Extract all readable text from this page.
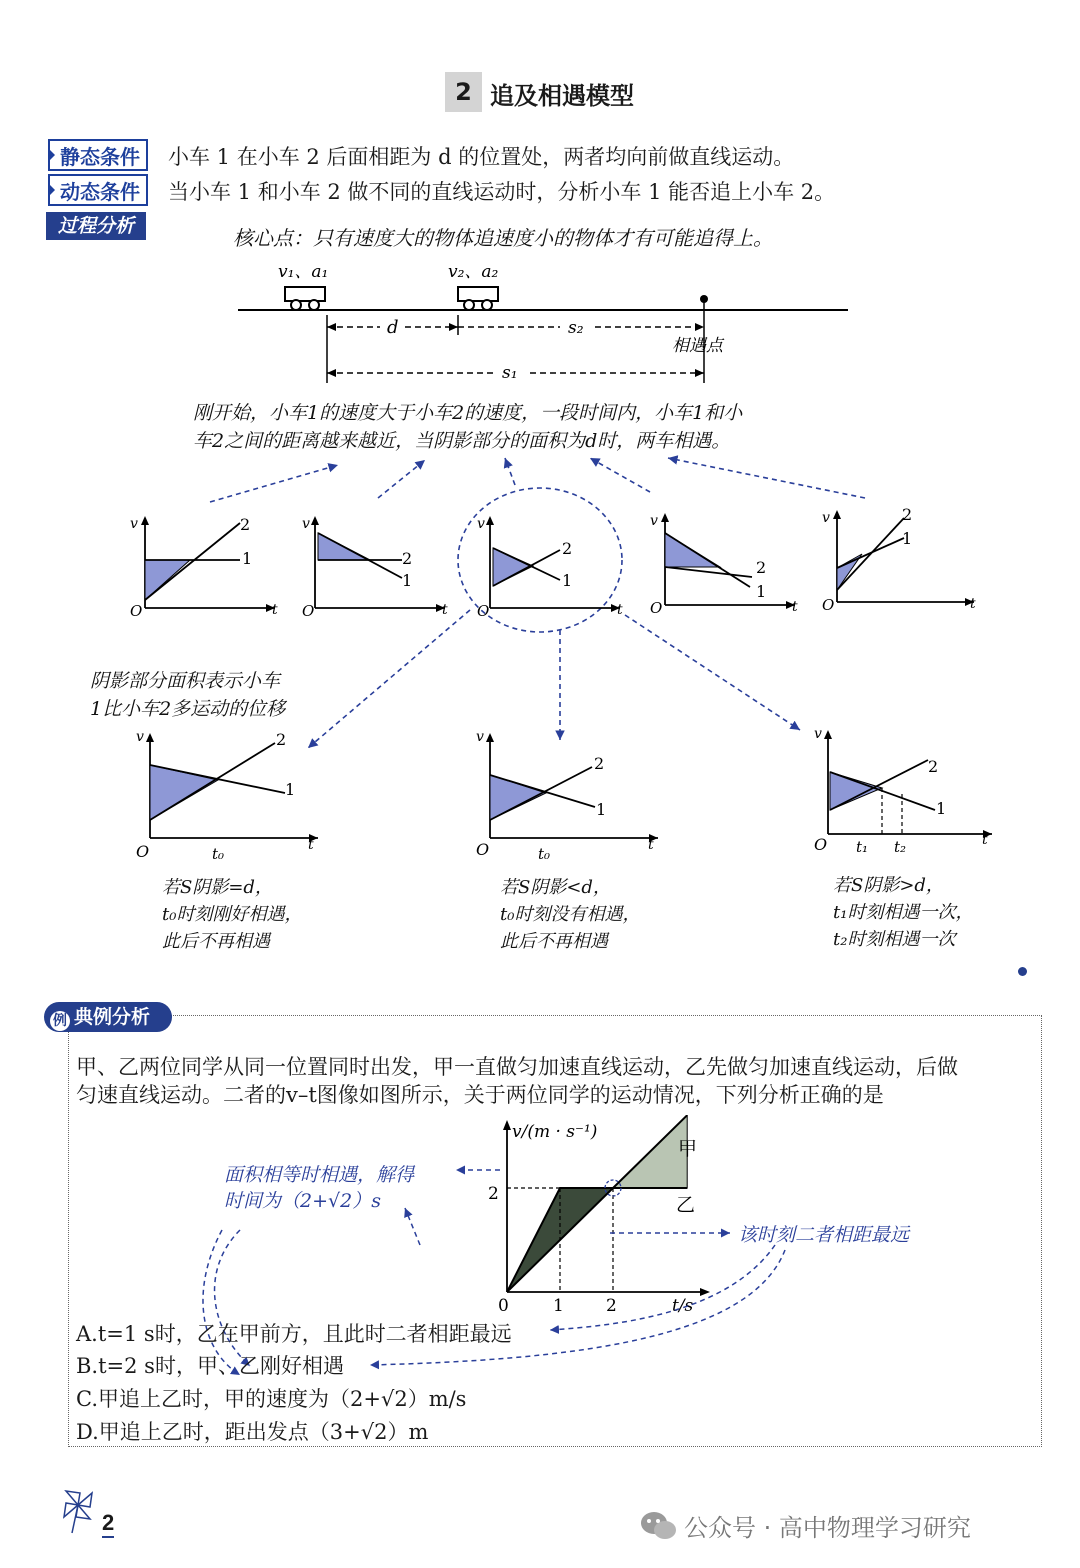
2 追及相遇模型
静态条件	小车 1 在小车 2 后面相距为 d 的位置处，两者均向前做直线运动。
动态条件	当小车 1 和小车 2 做不同的直线运动时，分析小车 1 能否追上小车 2。
过程分析	核心点：只有速度大的物体追速度小的物体才有可能追得上。
v₁、a₁	v₂、a₂
d	s₂
s₁
相遇点
刚开始，小车1的速度大于小车2的速度，一段时间内，小车1和小
车2之间的距离越来越近，当阴影部分的面积为d时，两车相遇。
v
t
O
2
1
v
t
O
2
1
v
t
O
2
1
v
t
O
2
1
v
t
O
2
1
阴影部分面积表示小车
1比小车2多运动的位移
v
t
O	t₀
2
1
v
t
O	t₀
2
1
v
t
O t₁ t₂
2
1
若S阴影=d，
t₀时刻刚好相遇，
此后不再相遇
若S阴影<d，
t₀时刻没有相遇，
此后不再相遇
若S阴影>d，
t₁时刻相遇一次，
t₂时刻相遇一次
例 典例分析
甲、乙两位同学从同一位置同时出发，甲一直做匀加速直线运动，乙先做匀加速直线运动，后做
匀速直线运动。二者的v–t图像如图所示，关于两位同学的运动情况，下列分析正确的是
v/(m · s⁻¹)
t/s
0
2
1 2
甲
乙
面积相等时相遇，解得
时间为（2+√2）s
该时刻二者相距最远
A.t=1 s时，乙在甲前方，且此时二者相距最远
B.t=2 s时，甲、乙刚好相遇
C.甲追上乙时，甲的速度为（2+√2）m/s
D.甲追上乙时，距出发点（3+√2）m
2	公众号 · 高中物理学习研究
